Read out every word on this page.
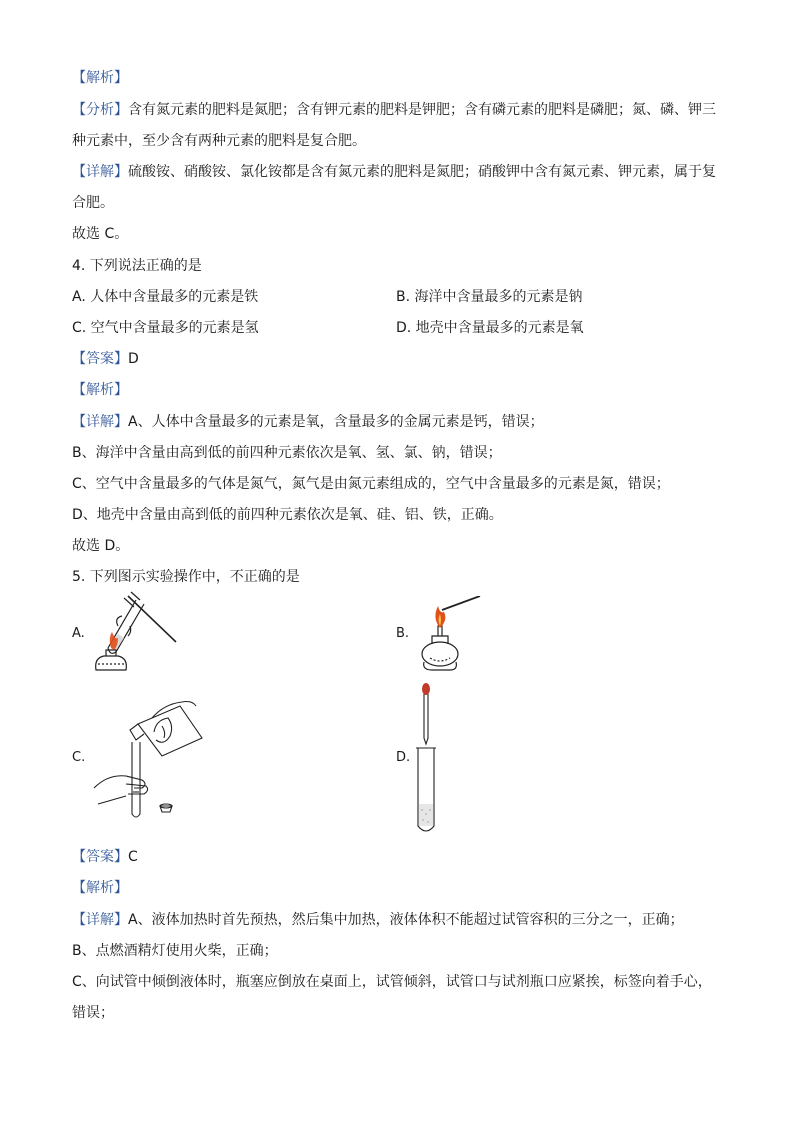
【解析】
【分析】含有氮元素的肥料是氮肥；含有钾元素的肥料是钾肥；含有磷元素的肥料是磷肥；氮、磷、钾三
种元素中，至少含有两种元素的肥料是复合肥。
【详解】硫酸铵、硝酸铵、氯化铵都是含有氮元素的肥料是氮肥；硝酸钾中含有氮元素、钾元素，属于复
合肥。
故选 C。
4. 下列说法正确的是
A. 人体中含量最多的元素是铁	B. 海洋中含量最多的元素是钠
C. 空气中含量最多的元素是氢	D. 地壳中含量最多的元素是氧
【答案】D
【解析】
【详解】A、人体中含量最多的元素是氧，含量最多的金属元素是钙，错误；
B、海洋中含量由高到低的前四种元素依次是氧、氢、氯、钠，错误；
C、空气中含量最多的气体是氮气，氮气是由氮元素组成的，空气中含量最多的元素是氮，错误；
D、地壳中含量由高到低的前四种元素依次是氧、硅、铝、铁，正确。
故选 D。
5. 下列图示实验操作中，不正确的是
A.	B.
C.	D.
【答案】C
【解析】
【详解】A、液体加热时首先预热，然后集中加热，液体体积不能超过试管容积的三分之一，正确；
B、点燃酒精灯使用火柴，正确；
C、向试管中倾倒液体时，瓶塞应倒放在桌面上，试管倾斜，试管口与试剂瓶口应紧挨，标签向着手心，
错误；
